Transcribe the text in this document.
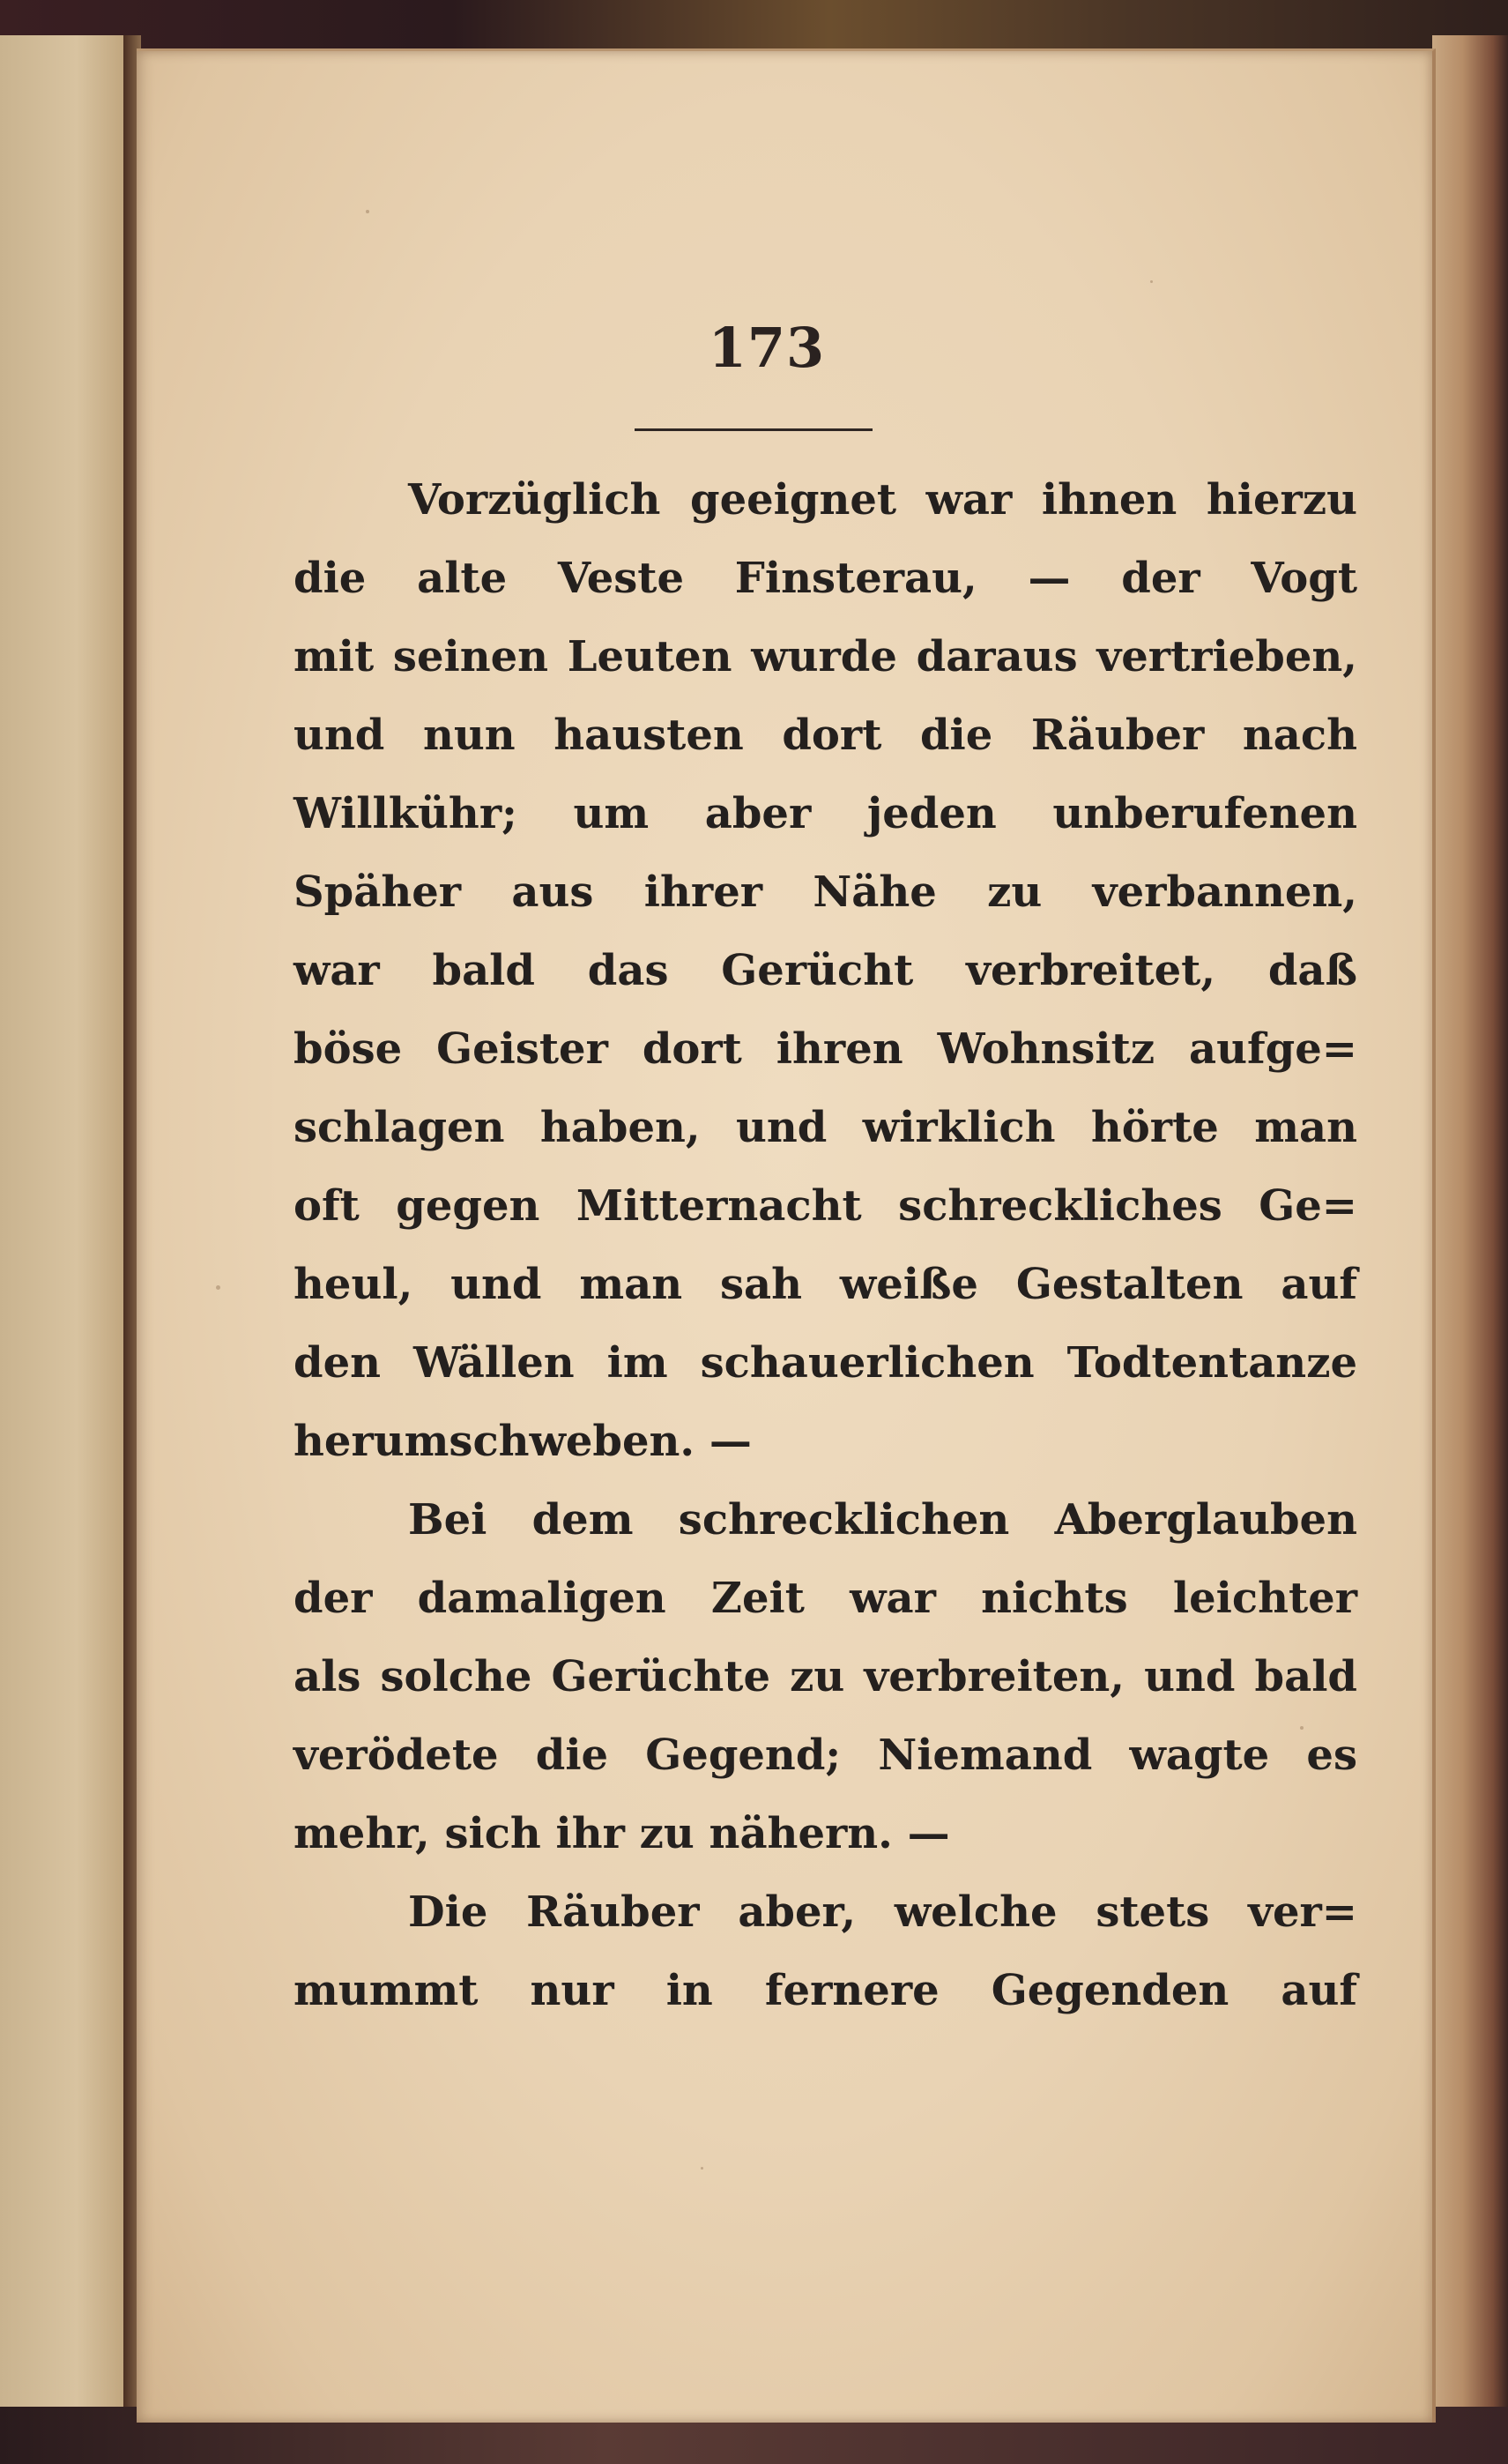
173
Vorzüglich geeignet war ihnen hierzu
die alte Veste Finsterau, — der Vogt
mit seinen Leuten wurde daraus vertrieben,
und nun hausten dort die Räuber nach
Willkühr; um aber jeden unberufenen
Späher aus ihrer Nähe zu verbannen,
war bald das Gerücht verbreitet, daß
böse Geister dort ihren Wohnsitz aufge=
schlagen haben, und wirklich hörte man
oft gegen Mitternacht schreckliches Ge=
heul, und man sah weiße Gestalten auf
den Wällen im schauerlichen Todtentanze
herumschweben. —
Bei dem schrecklichen Aberglauben
der damaligen Zeit war nichts leichter
als solche Gerüchte zu verbreiten, und bald
verödete die Gegend; Niemand wagte es
mehr, sich ihr zu nähern. —
Die Räuber aber, welche stets ver=
mummt nur in fernere Gegenden auf
